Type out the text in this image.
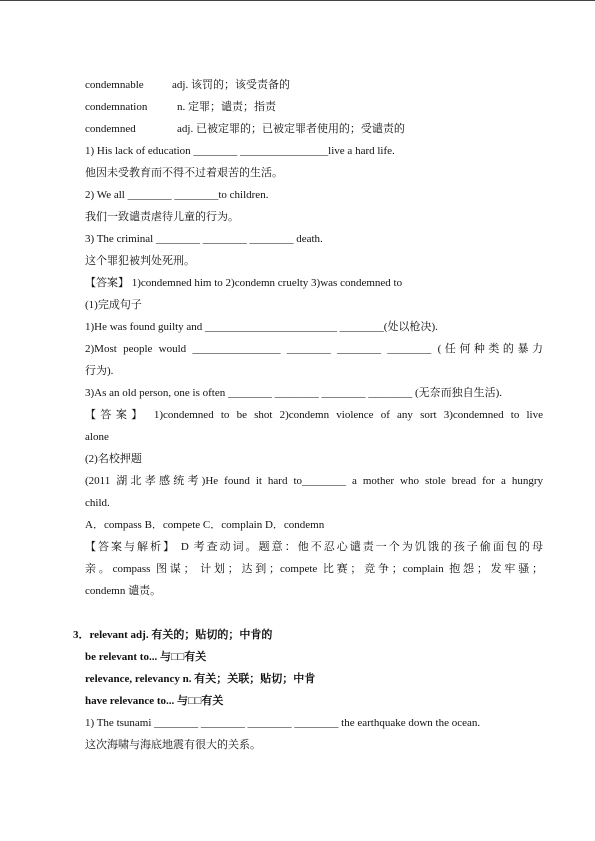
condemnable	adj. 该罚的；该受责备的
condemnation	n. 定罪；谴责；指责
condemned	adj. 已被定罪的；已被定罪者使用的；受谴责的
1) His lack of education ________ ________________live a hard life.
他因未受教育而不得不过着艰苦的生活。
2) We all ________ ________to children.
我们一致谴责虐待儿童的行为。
3) The criminal ________ ________ ________ death.
这个罪犯被判处死刑。
【答案】 1)condemned him to 2)condemn cruelty 3)was condemned to
(1)完成句子
1)He was found guilty and ________________________ ________(处以枪决).
2)Most people would ________________ ________ ________ ________ (任何种类的暴力
行为).
3)As an old person, one is often ________ ________ ________ ________ (无奈而独自生活).
【答案】 1)condemned to be shot 2)condemn violence of any sort 3)condemned to live
alone
(2)名校押题
(2011 湖北孝感统考)He found it hard to________ a mother who stole bread for a hungry
child.
A．compass B．compete C．complain D．condemn
【答案与解析】 D 考查动词。题意：他不忍心谴责一个为饥饿的孩子偷面包的母
亲。compass 图谋； 计划；达到；compete 比赛；竞争；complain 抱怨；发牢骚；
condemn 谴责。
3．relevant adj. 有关的；贴切的；中肯的
be relevant to... 与□□有关
relevance, relevancy n. 有关；关联；贴切；中肯
have relevance to... 与□□有关
1) The tsunami ________ ________ ________ ________ the earthquake down the ocean.
这次海啸与海底地震有很大的关系。
